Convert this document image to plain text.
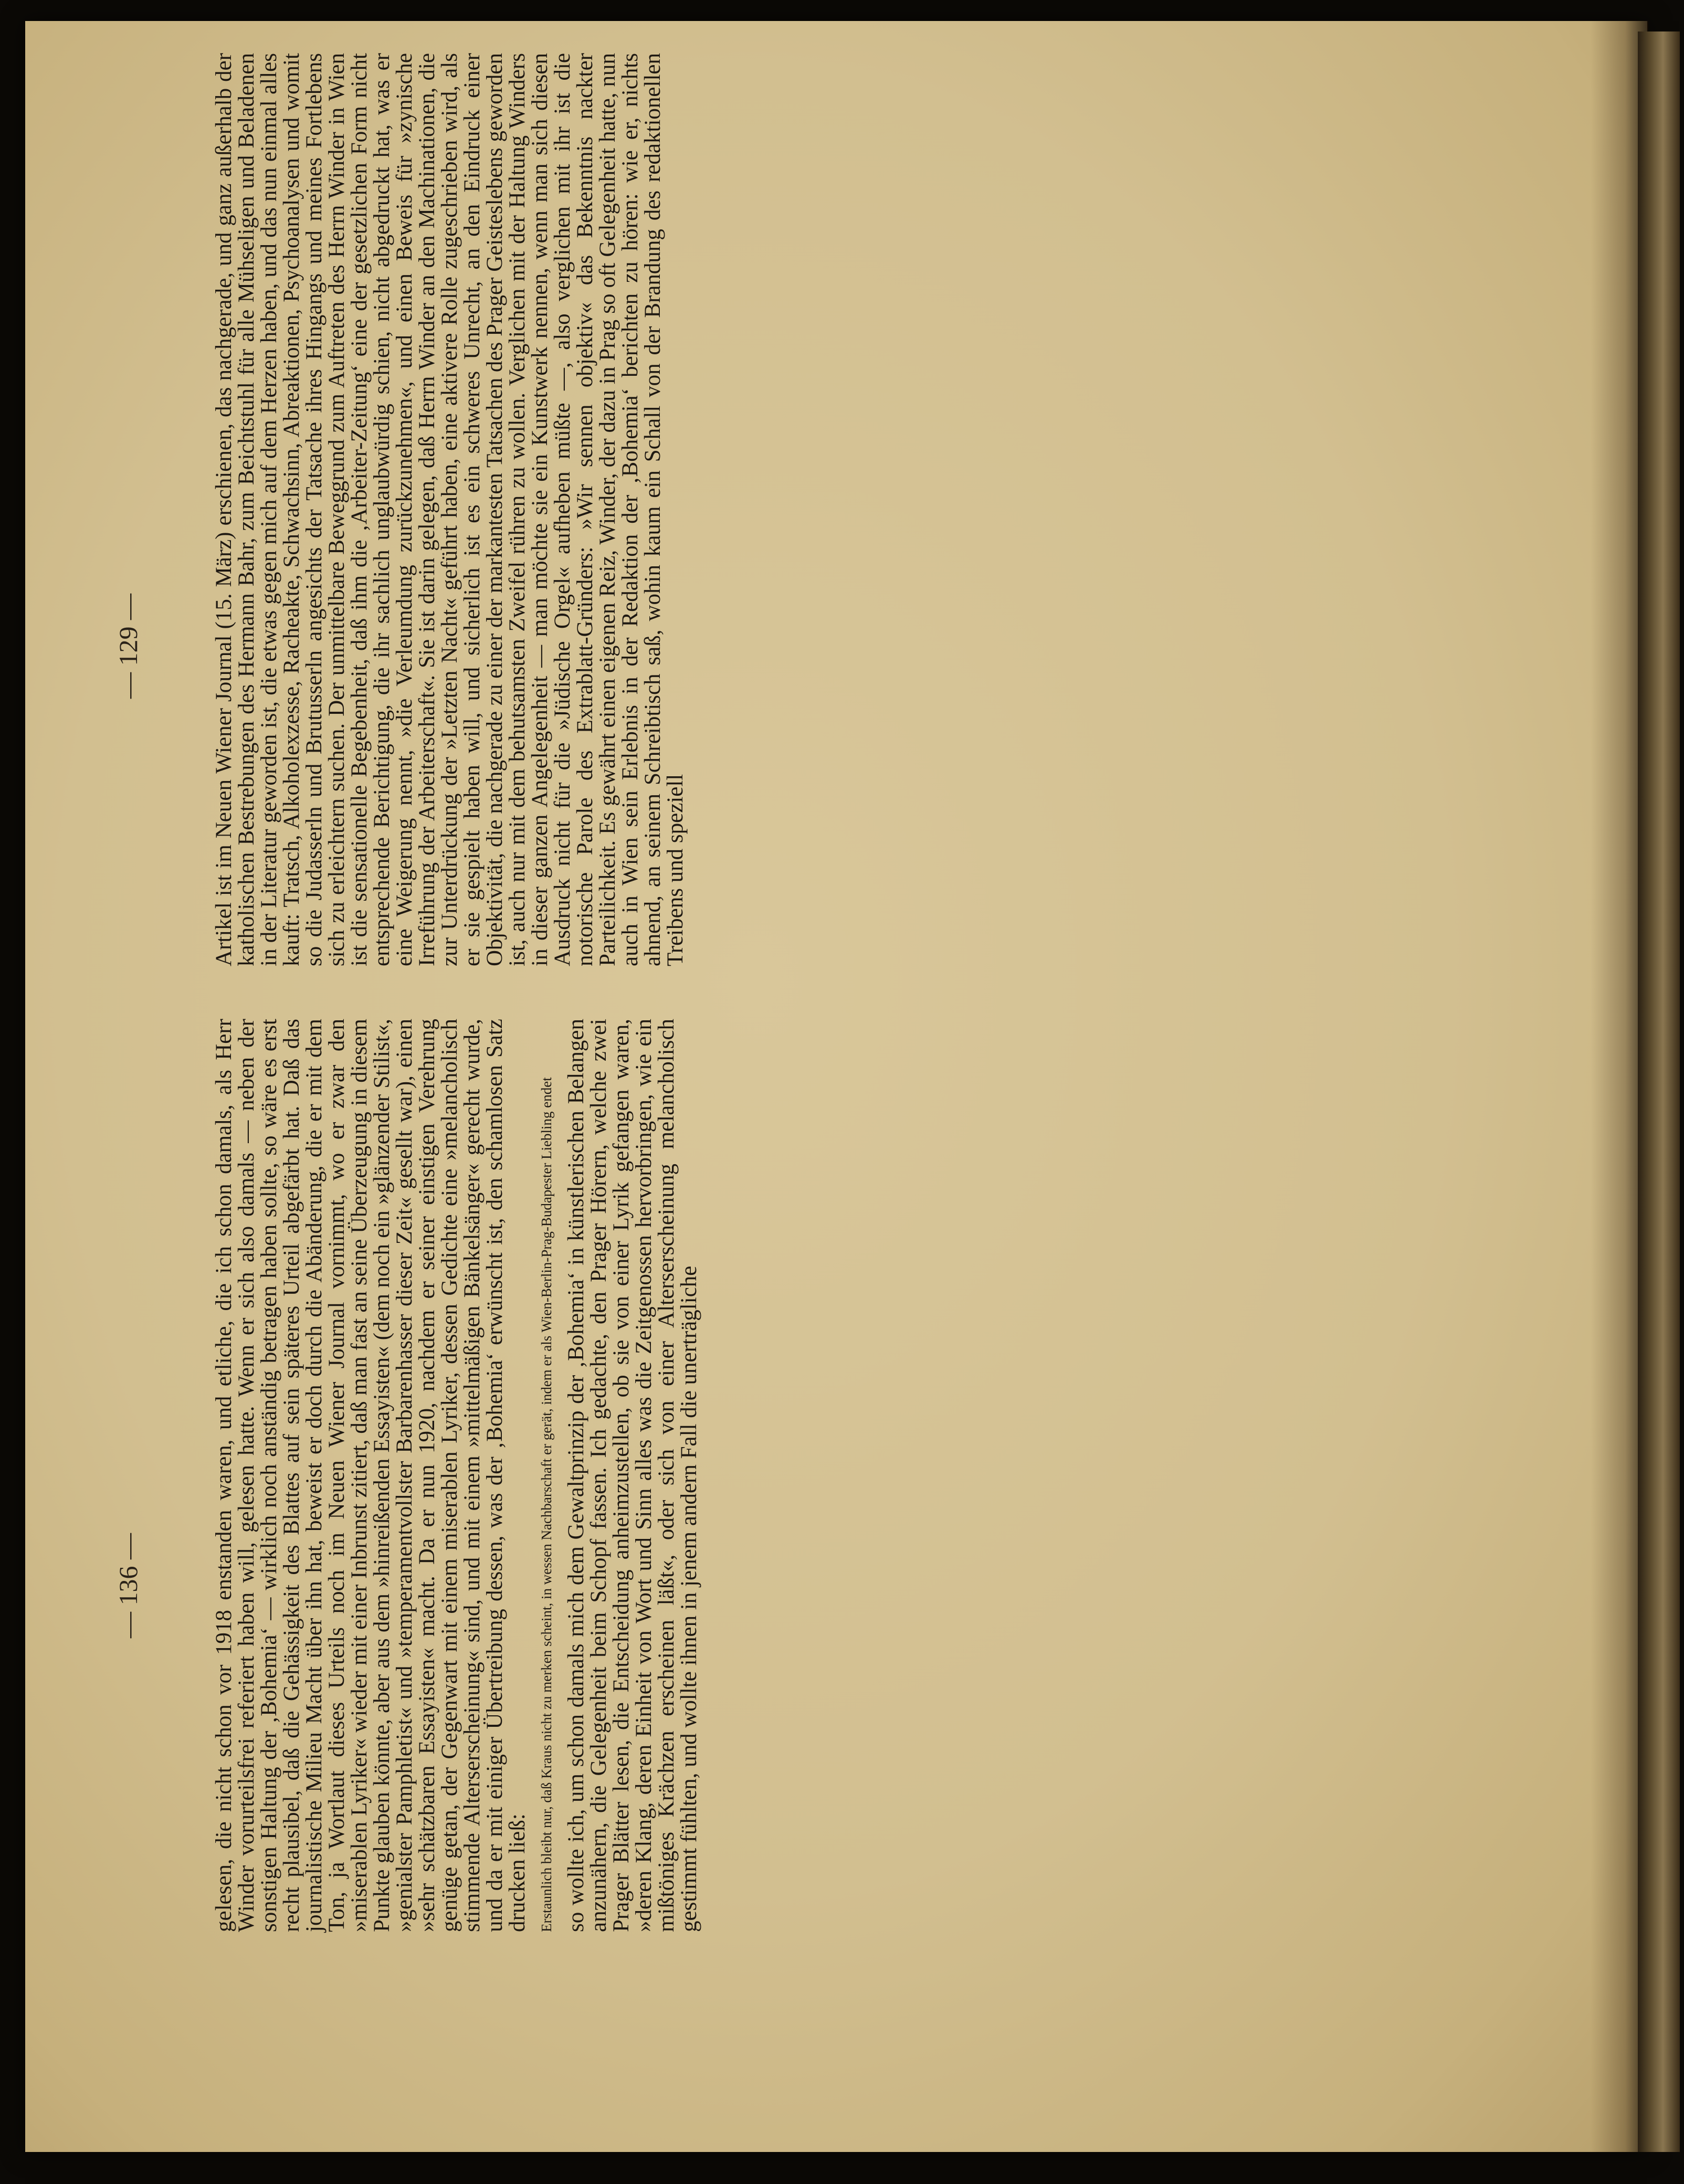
— 136 —	gelesen, die nicht schon vor 1918 enstanden waren, und etliche, die ich schon damals, als Herr Winder vorurteilsfrei referiert haben will, gelesen hatte. Wenn er sich also damals — neben der sonstigen Haltung der ‚Bohemia‘ — wirklich noch anständig betragen haben sollte, so wäre es erst recht plausibel, daß die Gehässigkeit des Blattes auf sein späteres Urteil abgefärbt hat. Daß das journalistische Milieu Macht über ihn hat, beweist er doch durch die Abänderung, die er mit dem Ton, ja Wortlaut dieses Urteils noch im Neuen Wiener Journal vornimmt, wo er zwar den »miserablen Lyriker« wieder mit einer Inbrunst zitiert, daß man fast an seine Überzeugung in diesem Punkte glauben könnte, aber aus dem »hinreißenden Essayisten« (dem noch ein »glänzender Stilist«, »genialster Pamphletist« und »temperamentvollster Barbarenhasser dieser Zeit« gesellt war), einen »sehr schätzbaren Essayisten« macht. Da er nun 1920, nachdem er seiner einstigen Verehrung genüge getan, der Gegenwart mit einem miserablen Lyriker, dessen Gedichte eine »melancholisch stimmende Alterserscheinung« sind, und mit einem »mittelmäßigen Bänkelsänger« gerecht wurde, und da er mit einiger Übertreibung dessen, was der ‚Bohemia‘ erwünscht ist, den schamlosen Satz drucken ließ: Erstaunlich bleibt nur, daß Kraus nicht zu merken scheint, in wessen Nachbarschaft er gerät, indem er als Wien-Berlin-Prag-Budapester Liebling endet so wollte ich, um schon damals mich dem Gewaltprinzip der ‚Bohemia‘ in künstlerischen Belangen anzunähern, die Gelegenheit beim Schopf fassen. Ich gedachte, den Prager Hörern, welche zwei Prager Blätter lesen, die Entscheidung anheimzustellen, ob sie von einer Lyrik gefangen waren, »deren Klang, deren Einheit von Wort und Sinn alles was die Zeitgenossen hervorbringen, wie ein mißtöniges Krächzen erscheinen läßt«, oder sich von einer Alterserscheinung melancholisch gestimmt fühlten, und wollte ihnen in jenem andern Fall die unerträgliche

— 129 —	Artikel ist im Neuen Wiener Journal (15. März) erschienen, das nachgerade, und ganz außerhalb der katholischen Bestrebungen des Hermann Bahr, zum Beichtstuhl für alle Mühseligen und Beladenen in der Literatur geworden ist, die etwas gegen mich auf dem Herzen haben, und das nun einmal alles kauft: Tratsch, Alkoholexzesse, Racheakte, Schwachsinn, Abreaktionen, Psychoanalysen und womit so die Judasserln und Brutusserln angesichts der Tatsache ihres Hingangs und meines Fortlebens sich zu erleichtern suchen. Der unmittelbare Beweggrund zum Auftreten des Herrn Winder in Wien ist die sensationelle Begebenheit, daß ihm die ‚Arbeiter-Zeitung‘ eine der gesetzlichen Form nicht entsprechende Berichtigung, die ihr sachlich unglaubwürdig schien, nicht abgedruckt hat, was er eine Weigerung nennt, »die Verleumdung zurückzunehmen«, und einen Beweis für »zynische Irreführung der Arbeiterschaft«. Sie ist darin gelegen, daß Herrn Winder an den Machinationen, die zur Unterdrückung der »Letzten Nacht« geführt haben, eine aktivere Rolle zugeschrieben wird, als er sie gespielt haben will, und sicherlich ist es ein schweres Unrecht, an den Eindruck einer Objektivität, die nachgerade zu einer der markantesten Tatsachen des Prager Geisteslebens geworden ist, auch nur mit dem behutsamsten Zweifel rühren zu wollen. Verglichen mit der Haltung Winders in dieser ganzen Angelegenheit — man möchte sie ein Kunstwerk nennen, wenn man sich diesen Ausdruck nicht für die »Jüdische Orgel« aufheben müßte —, also verglichen mit ihr ist die notorische Parole des Extrablatt-Gründers: »Wir sennen objektiv« das Bekenntnis nackter Parteilichkeit. Es gewährt einen eigenen Reiz, Winder, der dazu in Prag so oft Gelegenheit hatte, nun auch in Wien sein Erlebnis in der Redaktion der ‚Bohemia‘ berichten zu hören: wie er, nichts ahnend, an seinem Schreibtisch saß, wohin kaum ein Schall von der Brandung des redaktionellen Treibens und speziell
